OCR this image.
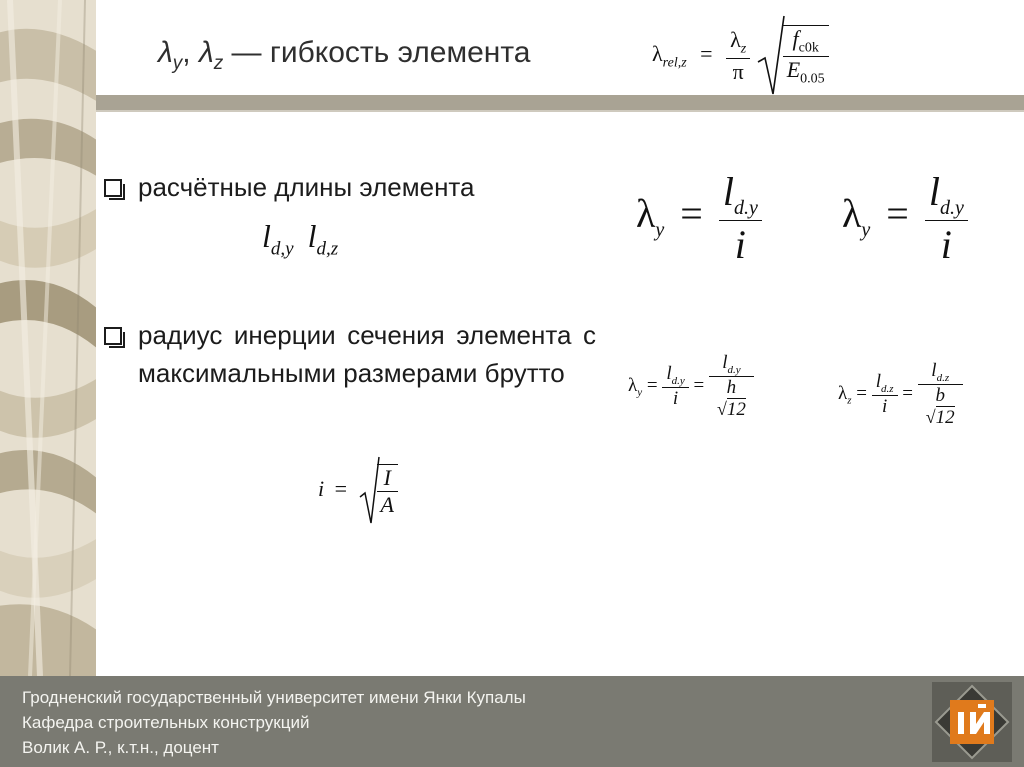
$\lambda_y$, $\lambda_z$ — гибкость элемента	$\lambda_{rel,z} = \frac{\lambda_z}{\pi}$
$\frac{f_{c0k}}{E_{0.05}}$
расчётные длины элемента
$l_{d,y}$ $l_{d,z}$
радиус инерции сечения элемента с максимальными размерами брутто
$i = \frac{I}{A}$
$\lambda_y = \frac{l_{d.y}}{i} \lambda_y = \frac{l_{d.y}}{i}$
$\lambda_y = \frac{l_{d.y}}{i} = l_{d.y}$
h
√12	$\lambda_z = \frac{l_{d.z}}{i} = l_{d.z}$
b
√12
Гродненский государственный университет имени Янки Купалы
Кафедра строительных конструкций
Волик А. Р., к.т.н., доцент
